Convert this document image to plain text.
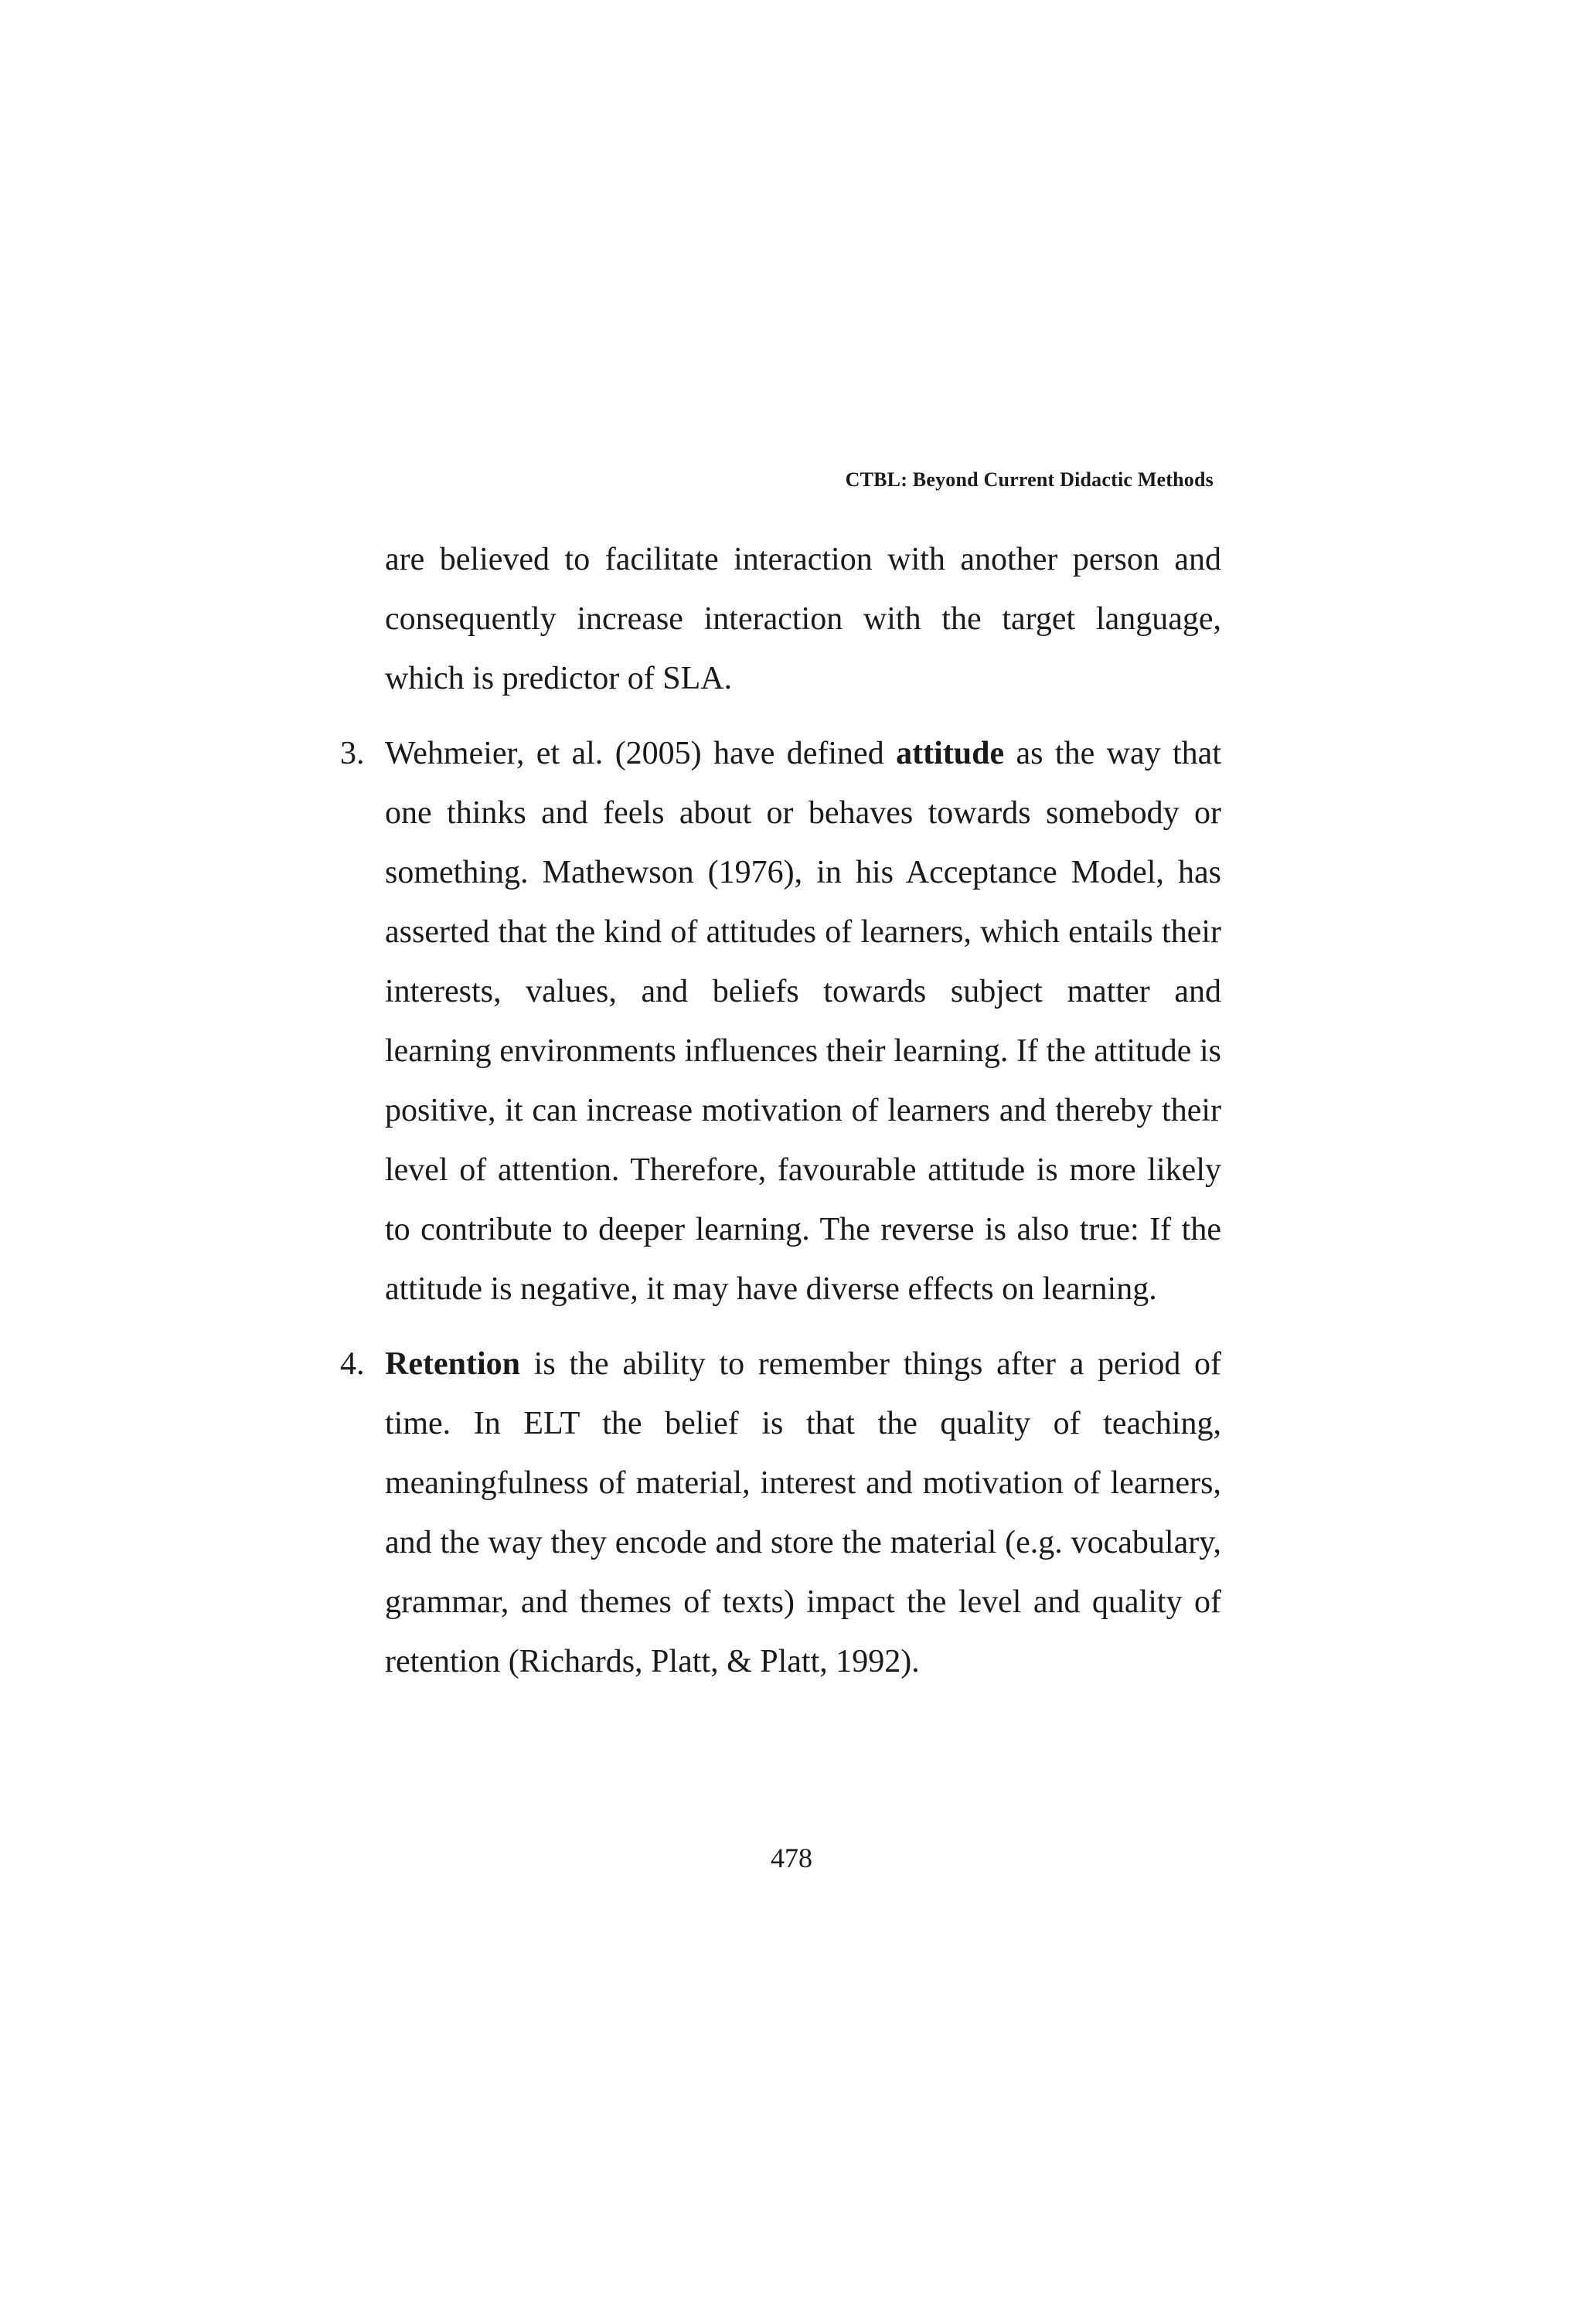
CTBL: Beyond Current Didactic Methods

are believed to facilitate interaction with another person and consequently increase interaction with the target language, which is predictor of SLA.

3. Wehmeier, et al. (2005) have defined attitude as the way that one thinks and feels about or behaves towards somebody or something. Mathewson (1976), in his Acceptance Model, has asserted that the kind of attitudes of learners, which entails their interests, values, and beliefs towards subject matter and learning environments influences their learning. If the attitude is positive, it can increase motivation of learners and thereby their level of attention. Therefore, favourable attitude is more likely to contribute to deeper learning. The reverse is also true: If the attitude is negative, it may have diverse effects on learning.

4. Retention is the ability to remember things after a period of time. In ELT the belief is that the quality of teaching, meaningfulness of material, interest and motivation of learners, and the way they encode and store the material (e.g. vocabulary, grammar, and themes of texts) impact the level and quality of retention (Richards, Platt, & Platt, 1992).

478
